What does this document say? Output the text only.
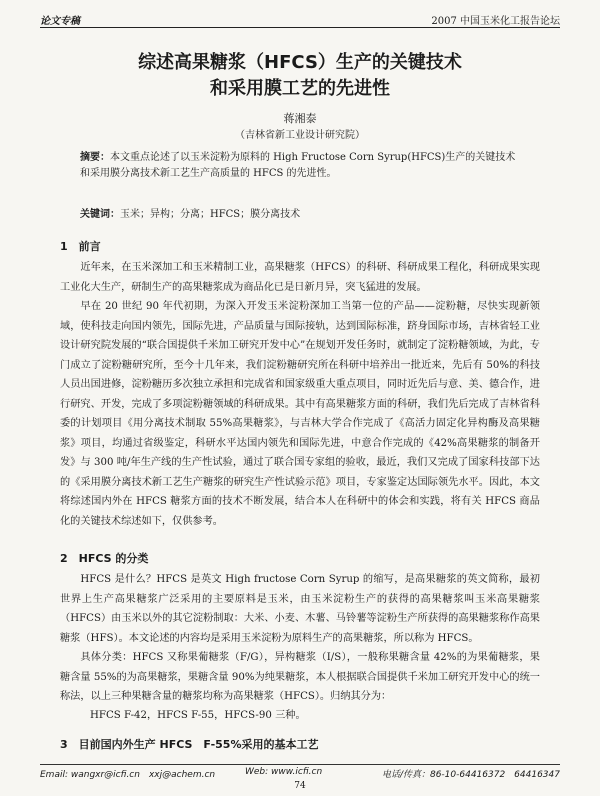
论文专稿	2007 中国玉米化工报告论坛
综述高果糖浆（HFCS）生产的关键技术
和采用膜工艺的先进性
蒋湘泰
（吉林省新工业设计研究院）
摘要：本文重点论述了以玉米淀粉为原料的 High Fructose Corn Syrup(HFCS)生产的关键技术和采用膜分离技术新工艺生产高质量的 HFCS 的先进性。
关键词：玉米；异构；分离；HFCS；膜分离技术
1　前言
近年来，在玉米深加工和玉米精制工业，高果糖浆（HFCS）的科研、科研成果工程化，科研成果实现工业化大生产，研制生产的高果糖浆成为商品化已是日新月异，突飞猛进的发展。
早在 20 世纪 90 年代初期，为深入开发玉米淀粉深加工当第一位的产品——淀粉糖，尽快实现新领域，使科技走向国内领先，国际先进，产品质量与国际接轨，达到国际标准，跻身国际市场，吉林省轻工业设计研究院发展的“联合国提供千米加工研究开发中心”在规划开发任务时，就制定了淀粉糖领域，为此，专门成立了淀粉糖研究所，至今十几年来，我们淀粉糖研究所在科研中培养出一批近来，先后有 50%的科技人员出国进修，淀粉糖历多次独立承担和完成省和国家级重大重点项目，同时近先后与意、美、德合作，进行研究、开发，完成了多项淀粉糖领域的科研成果。其中有高果糖浆方面的科研，我们先后完成了吉林省科委的计划项目《用分离技术制取 55%高果糖浆》，与吉林大学合作完成了《高活力固定化异构酶及高果糖浆》项目，均通过省级鉴定，科研水平达国内领先和国际先进，中意合作完成的《42%高果糖浆的制备开发》与 300 吨/年生产线的生产性试验，通过了联合国专家组的验收，最近，我们又完成了国家科技部下达的《采用膜分离技术新工艺生产糖浆的研究生产性试验示范》项目，专家鉴定达国际领先水平。因此，本文将综述国内外在 HFCS 糖浆方面的技术不断发展，结合本人在科研中的体会和实践，将有关 HFCS 商品化的关键技术综述如下，仅供参考。
2　HFCS 的分类
HFCS 是什么？HFCS 是英文 High fructose Corn Syrup 的缩写，是高果糖浆的英文简称，最初世界上生产高果糖浆广泛采用的主要原料是玉米，由玉米淀粉生产的获得的高果糖浆叫玉米高果糖浆（HFCS）由玉米以外的其它淀粉制取：大米、小麦、木薯、马铃薯等淀粉生产所获得的高果糖浆称作高果糖浆（HFS）。本文论述的内容均是采用玉米淀粉为原料生产的高果糖浆，所以称为 HFCS。
具体分类：HFCS 又称果葡糖浆（F/G），异构糖浆（I/S），一般称果糖含量 42%的为果葡糖浆，果糖含量 55%的为高果糖浆，果糖含量 90%为纯果糖浆，本人根据联合国提供千米加工研究开发中心的统一称法，以上三种果糖含量的糖浆均称为高果糖浆（HFCS）。归纳其分为：
HFCS F-42，HFCS F-55，HFCS-90 三种。
3　目前国内外生产 HFCS　F-55%采用的基本工艺
Email: wangxr@icfi.cn　xxj@achem.cn	Web: www.icfi.cn	电话/传真：86-10-64416372　64416347
74
